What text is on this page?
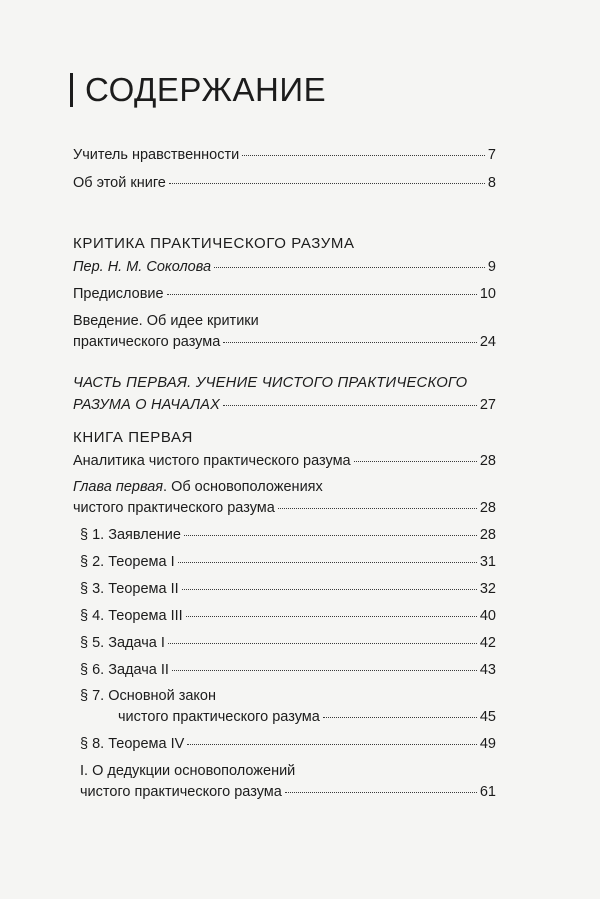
СОДЕРЖАНИЕ
Учитель нравственности	7
Об этой книге	8
КРИТИКА ПРАКТИЧЕСКОГО РАЗУМА
Пер. Н. М. Соколова	9
Предисловие	10
Введение. Об идее критики
практического разума	24
ЧАСТЬ ПЕРВАЯ. УЧЕНИЕ ЧИСТОГО ПРАКТИЧЕСКОГО
РАЗУМА О НАЧАЛАХ	27
КНИГА ПЕРВАЯ
Аналитика чистого практического разума	28
Глава первая. Об основоположениях
чистого практического разума	28
§ 1. Заявление	28
§ 2. Теорема I	31
§ 3. Теорема II	32
§ 4. Теорема III	40
§ 5. Задача I	42
§ 6. Задача II	43
§ 7. Основной закон
чистого практического разума	45
§ 8. Теорема IV	49
I. О дедукции основоположений
чистого практического разума	61
